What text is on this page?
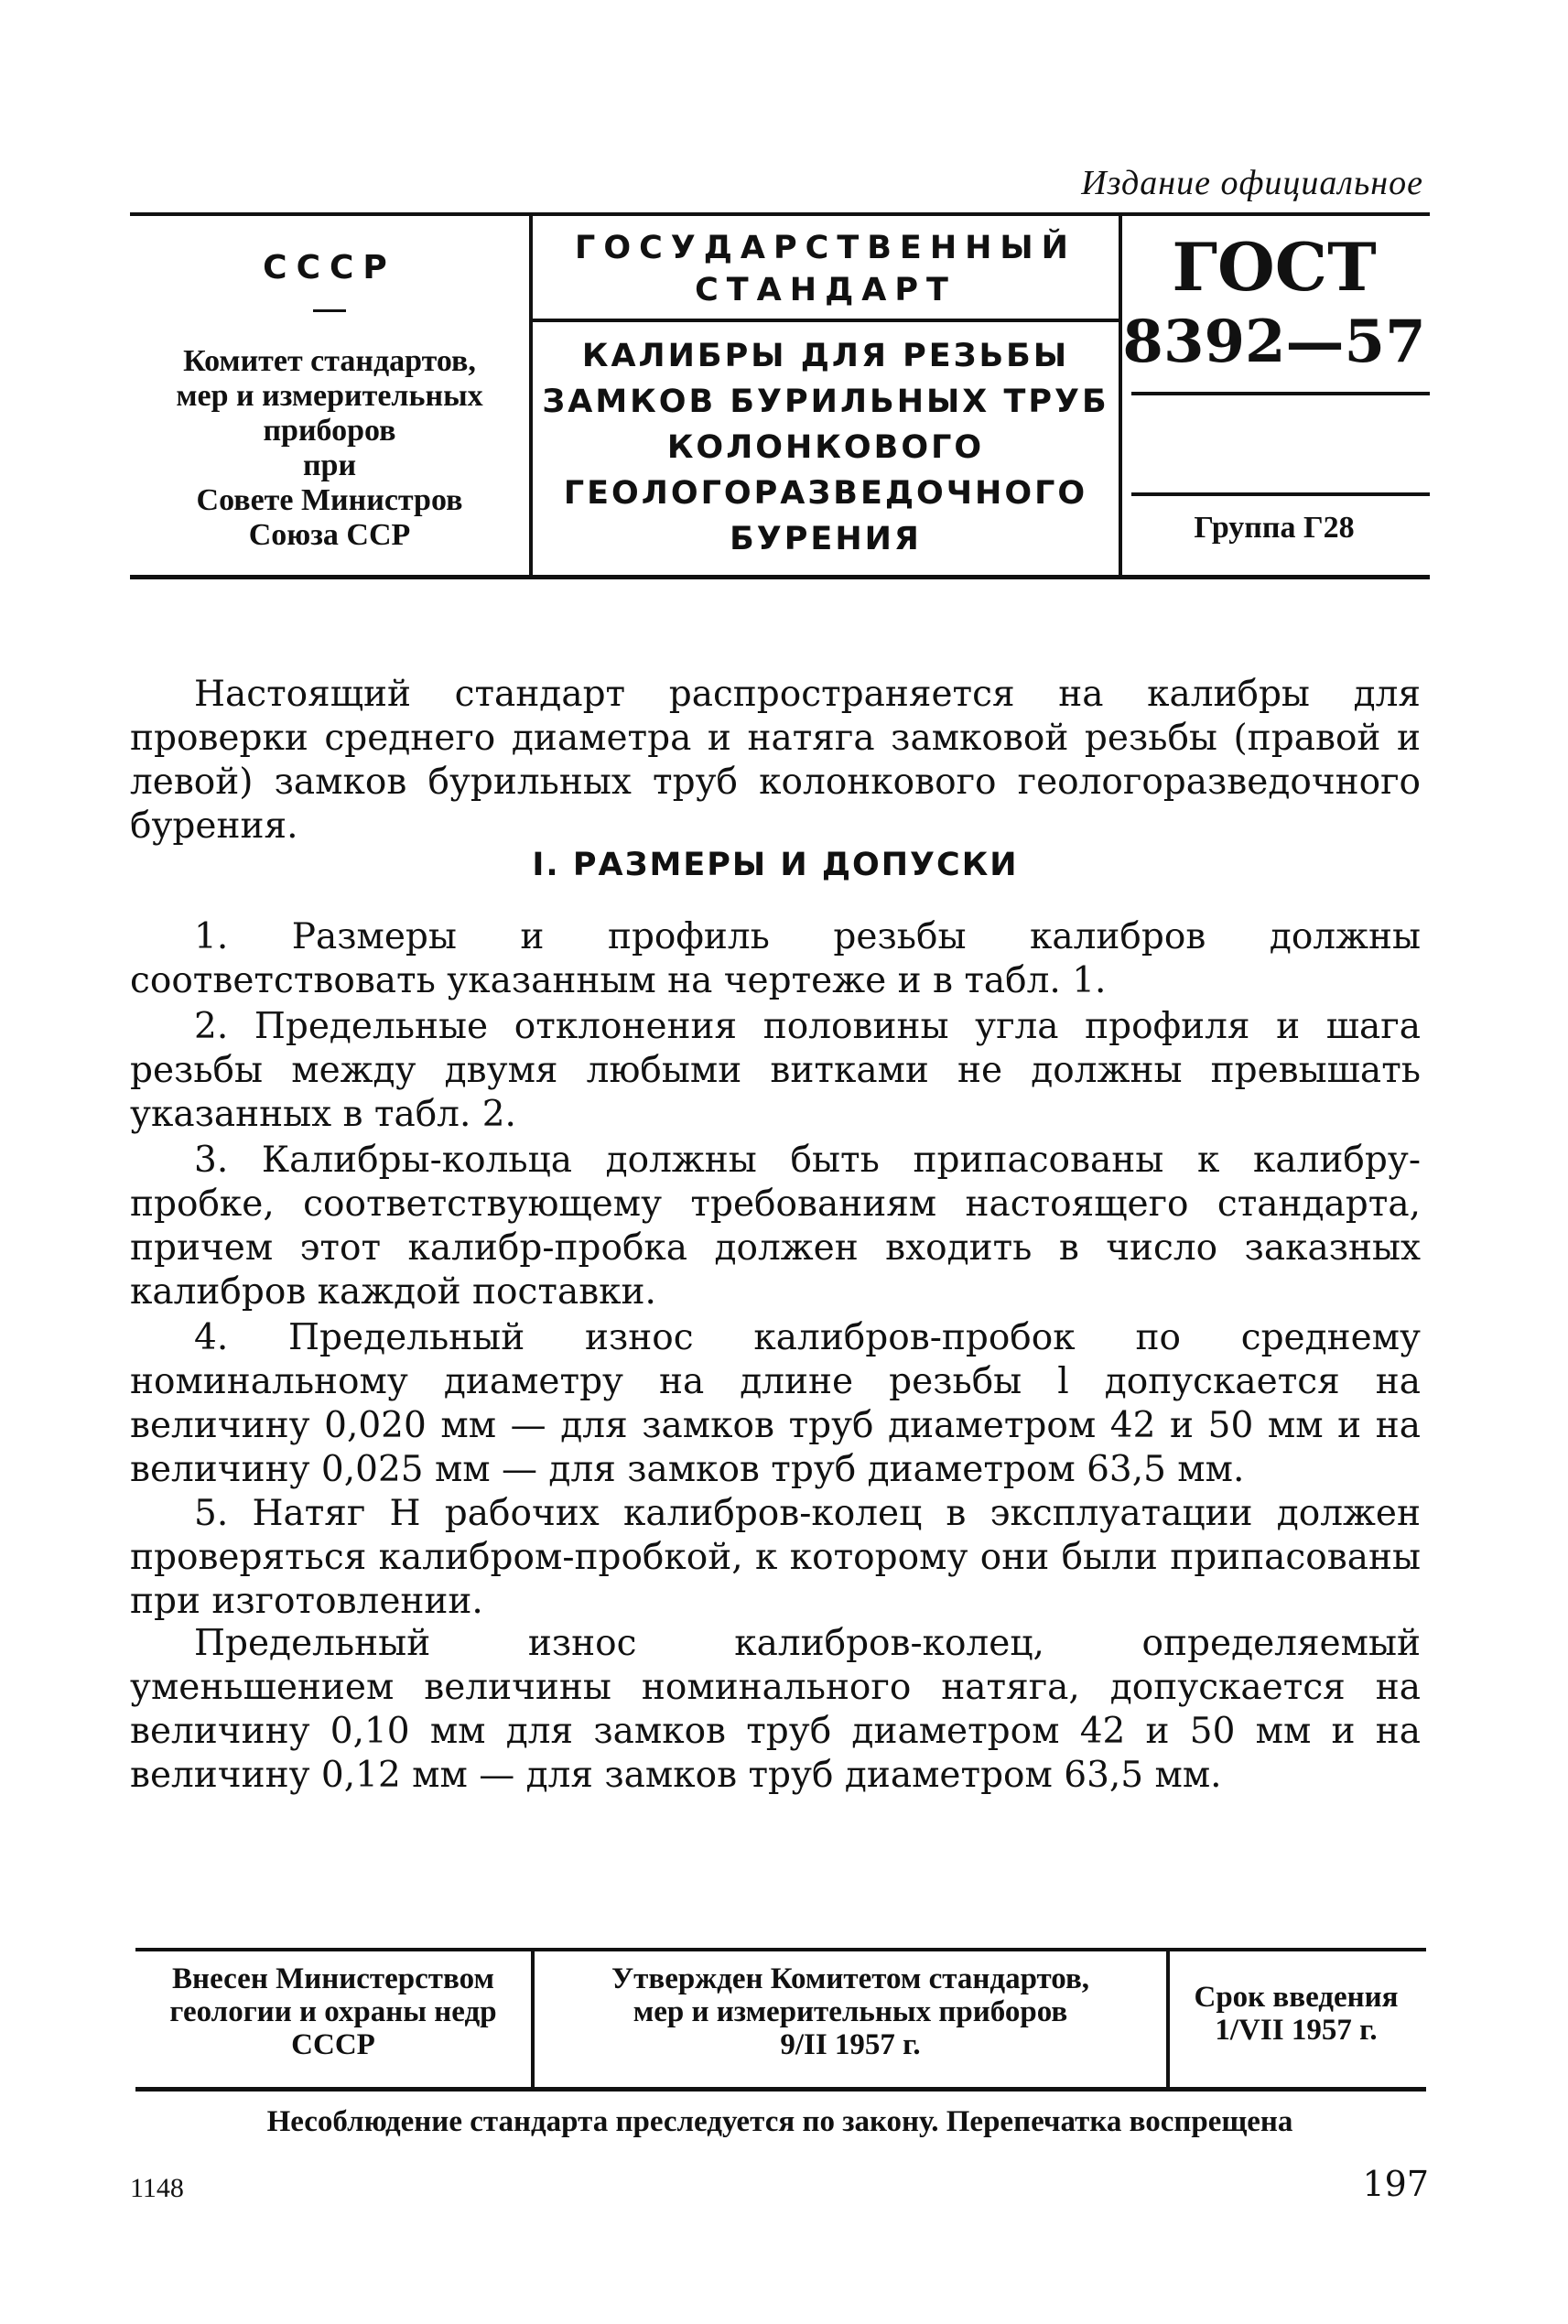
Издание официальное
СССР
Комитет стандартов,
мер и измерительных
приборов
при
Совете Министров
Союза ССР
ГОСУДАРСТВЕННЫЙ
СТАНДАРТ
КАЛИБРЫ ДЛЯ РЕЗЬБЫ
ЗАМКОВ БУРИЛЬНЫХ ТРУБ
КОЛОНКОВОГО
ГЕОЛОГОРАЗВЕДОЧНОГО
БУРЕНИЯ
ГОСТ
8392—57
Группа Г28
Настоящий стандарт распространяется на калибры для проверки среднего диаметра и натяга замковой резьбы (правой и левой) замков бурильных труб колонкового геологоразведочного бурения.
I. РАЗМЕРЫ И ДОПУСКИ
1. Размеры и профиль резьбы калибров должны соответствовать указанным на чертеже и в табл. 1.
2. Предельные отклонения половины угла профиля и шага резьбы между двумя любыми витками не должны превышать указанных в табл. 2.
3. Калибры-кольца должны быть припасованы к калибру-пробке, соответствующему требованиям настоящего стандарта, причем этот калибр-пробка должен входить в число заказных калибров каждой поставки.
4. Предельный износ калибров-пробок по среднему номинальному диаметру на длине резьбы l допускается на величину 0,020 мм — для замков труб диаметром 42 и 50 мм и на величину 0,025 мм — для замков труб диаметром 63,5 мм.
5. Натяг H рабочих калибров-колец в эксплуатации должен проверяться калибром-пробкой, к которому они были припасованы при изготовлении.
Предельный износ калибров-колец, определяемый уменьшением величины номинального натяга, допускается на величину 0,10 мм для замков труб диаметром 42 и 50 мм и на величину 0,12 мм — для замков труб диаметром 63,5 мм.
Внесен Министерством
геологии и охраны недр
СССР
Утвержден Комитетом стандартов,
мер и измерительных приборов
9/II 1957 г.
Срок введения
1/VII 1957 г.
Несоблюдение стандарта преследуется по закону. Перепечатка воспрещена
1148	197
